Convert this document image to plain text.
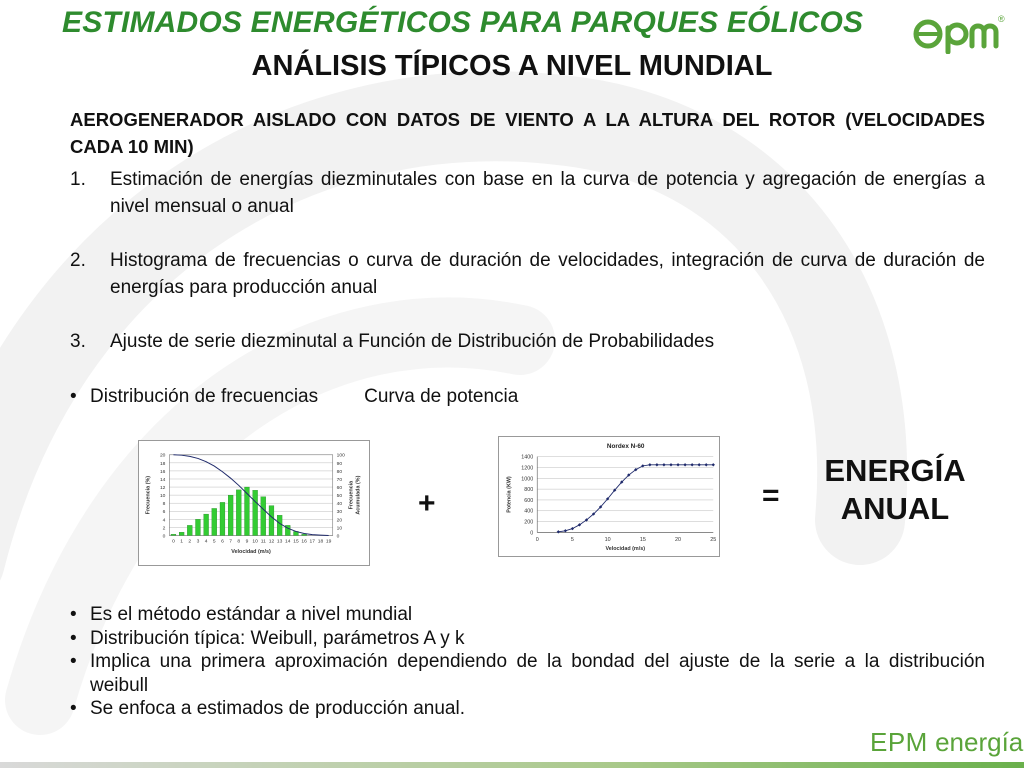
ESTIMADOS ENERGÉTICOS PARA PARQUES EÓLICOS
ANÁLISIS TÍPICOS A NIVEL MUNDIAL
®
AEROGENERADOR AISLADO CON DATOS DE VIENTO A LA ALTURA DEL ROTOR (VELOCIDADES CADA 10 MIN)
1.	Estimación de energías diezminutales con base en la curva de potencia y agregación de energías a nivel mensual o anual
2.	Histograma de frecuencias o curva de duración de velocidades, integración de curva de duración de energías para producción anual
3.	Ajuste de serie diezminutal a Función de Distribución de Probabilidades
• Distribución de frecuencias Curva de potencia
0
2
4
6
8
10
12
14
16
18
20
0
10
20
30
40
50
60
70
80
90
100
0 1 2 3 4 5 6 7 8 9 10 11 12 13 14 15 16 17 18 19
Velocidad (m/s)
Frecuencia (%)	Frecuencia Acumulada (%)
Nordex N-60
0
200
400
600
800
1000
1200
1400
0	5	10	15	20	25
Velocidad (m/s)
Potencia (KW)
+	=
ENERGÍA
ANUAL
• Es el método estándar a nivel mundial
• Distribución típica: Weibull, parámetros A y k
• Implica una primera aproximación dependiendo de la bondad del ajuste de la serie a la distribución weibull
• Se enfoca a estimados de producción anual.
EPM energía
